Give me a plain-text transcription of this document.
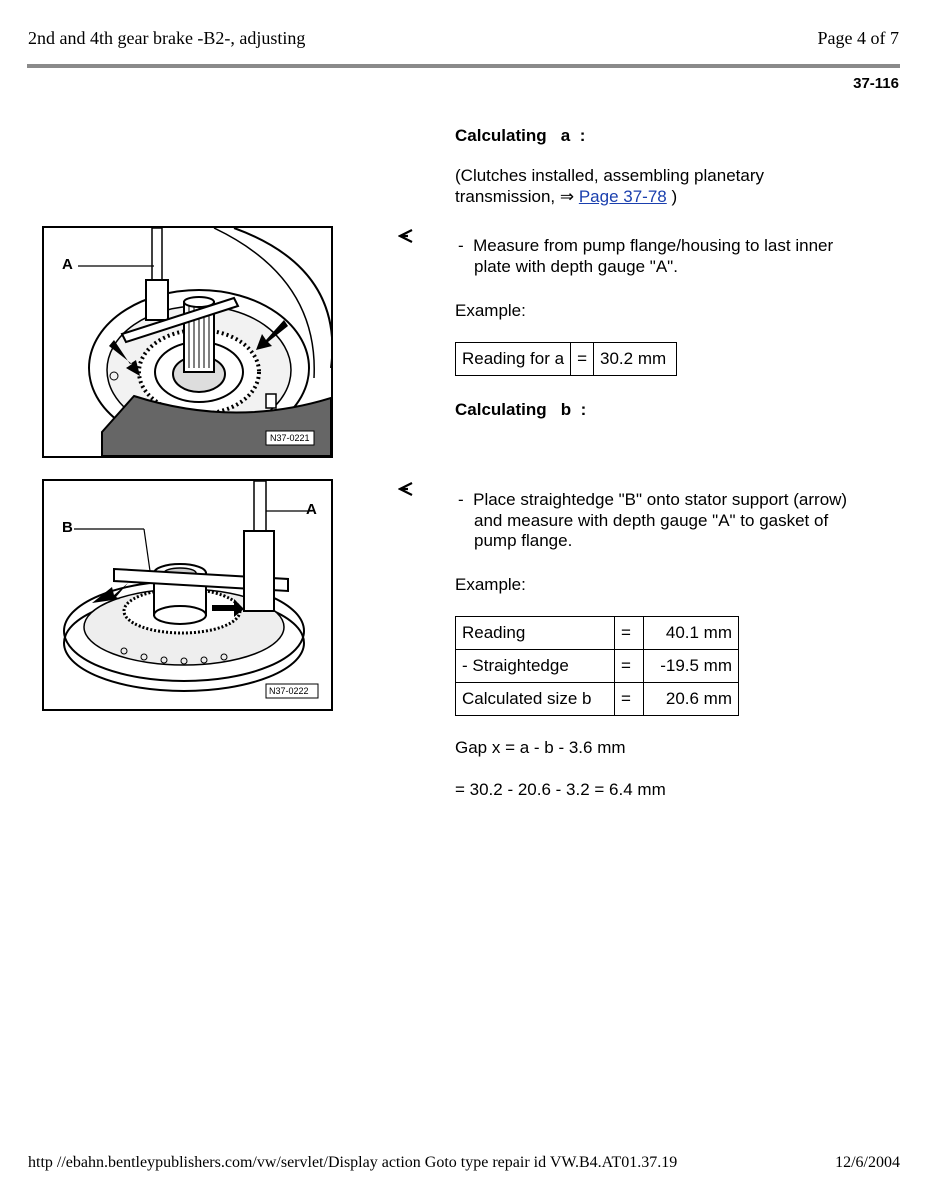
2nd and 4th gear brake -B2-, adjusting	Page 4 of 7
37-116
Calculating   a  :
(Clutches installed, assembling planetary
transmission, ⇒ Page 37-78 )
A
N37-0221
-  Measure from pump flange/housing to last inner
plate with depth gauge "A".
Example:
Reading for a	=	30.2 mm
Calculating   b  :
B
A
N37-0222
-  Place straightedge "B" onto stator support (arrow)
and measure with depth gauge "A" to gasket of
pump flange.
Example:
Reading	=	40.1 mm
- Straightedge	=	-19.5 mm
Calculated size b	=	20.6 mm
Gap x = a - b - 3.6 mm
= 30.2 - 20.6 - 3.2 = 6.4 mm
http //ebahn.bentleypublishers.com/vw/servlet/Display action Goto type repair id VW.B4.AT01.37.19	12/6/2004
